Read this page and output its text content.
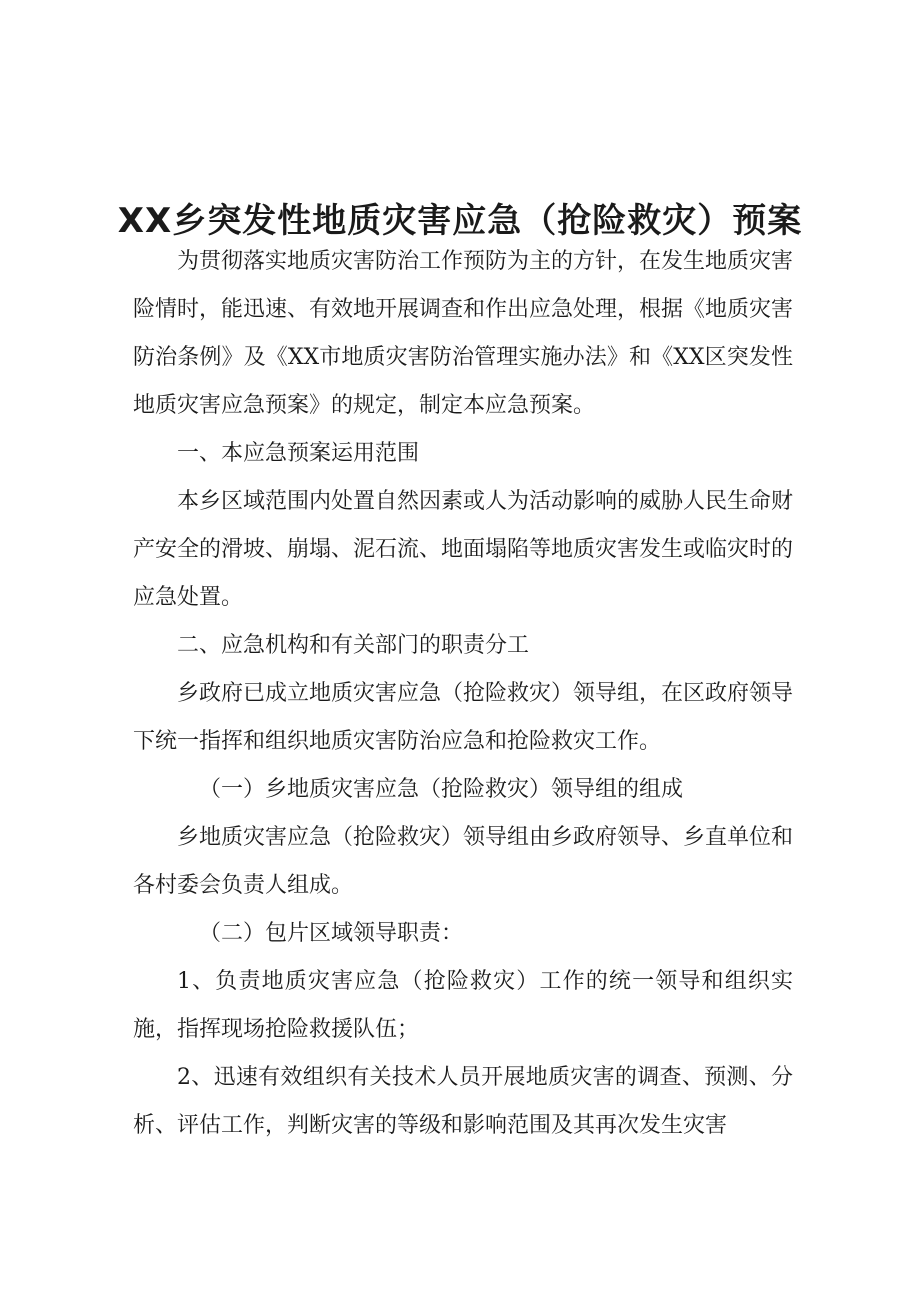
XX乡突发性地质灾害应急（抢险救灾）预案

为贯彻落实地质灾害防治工作预防为主的方针，在发生地质灾害险情时，能迅速、有效地开展调查和作出应急处理，根据《地质灾害防治条例》及《XX市地质灾害防治管理实施办法》和《XX区突发性地质灾害应急预案》的规定，制定本应急预案。

一、本应急预案运用范围

本乡区域范围内处置自然因素或人为活动影响的威胁人民生命财产安全的滑坡、崩塌、泥石流、地面塌陷等地质灾害发生或临灾时的应急处置。

二、应急机构和有关部门的职责分工

乡政府已成立地质灾害应急（抢险救灾）领导组，在区政府领导下统一指挥和组织地质灾害防治应急和抢险救灾工作。

（一）乡地质灾害应急（抢险救灾）领导组的组成

乡地质灾害应急（抢险救灾）领导组由乡政府领导、乡直单位和各村委会负责人组成。

（二）包片区域领导职责：

1、负责地质灾害应急（抢险救灾）工作的统一领导和组织实施，指挥现场抢险救援队伍；

2、迅速有效组织有关技术人员开展地质灾害的调查、预测、分析、评估工作，判断灾害的等级和影响范围及其再次发生灾害
